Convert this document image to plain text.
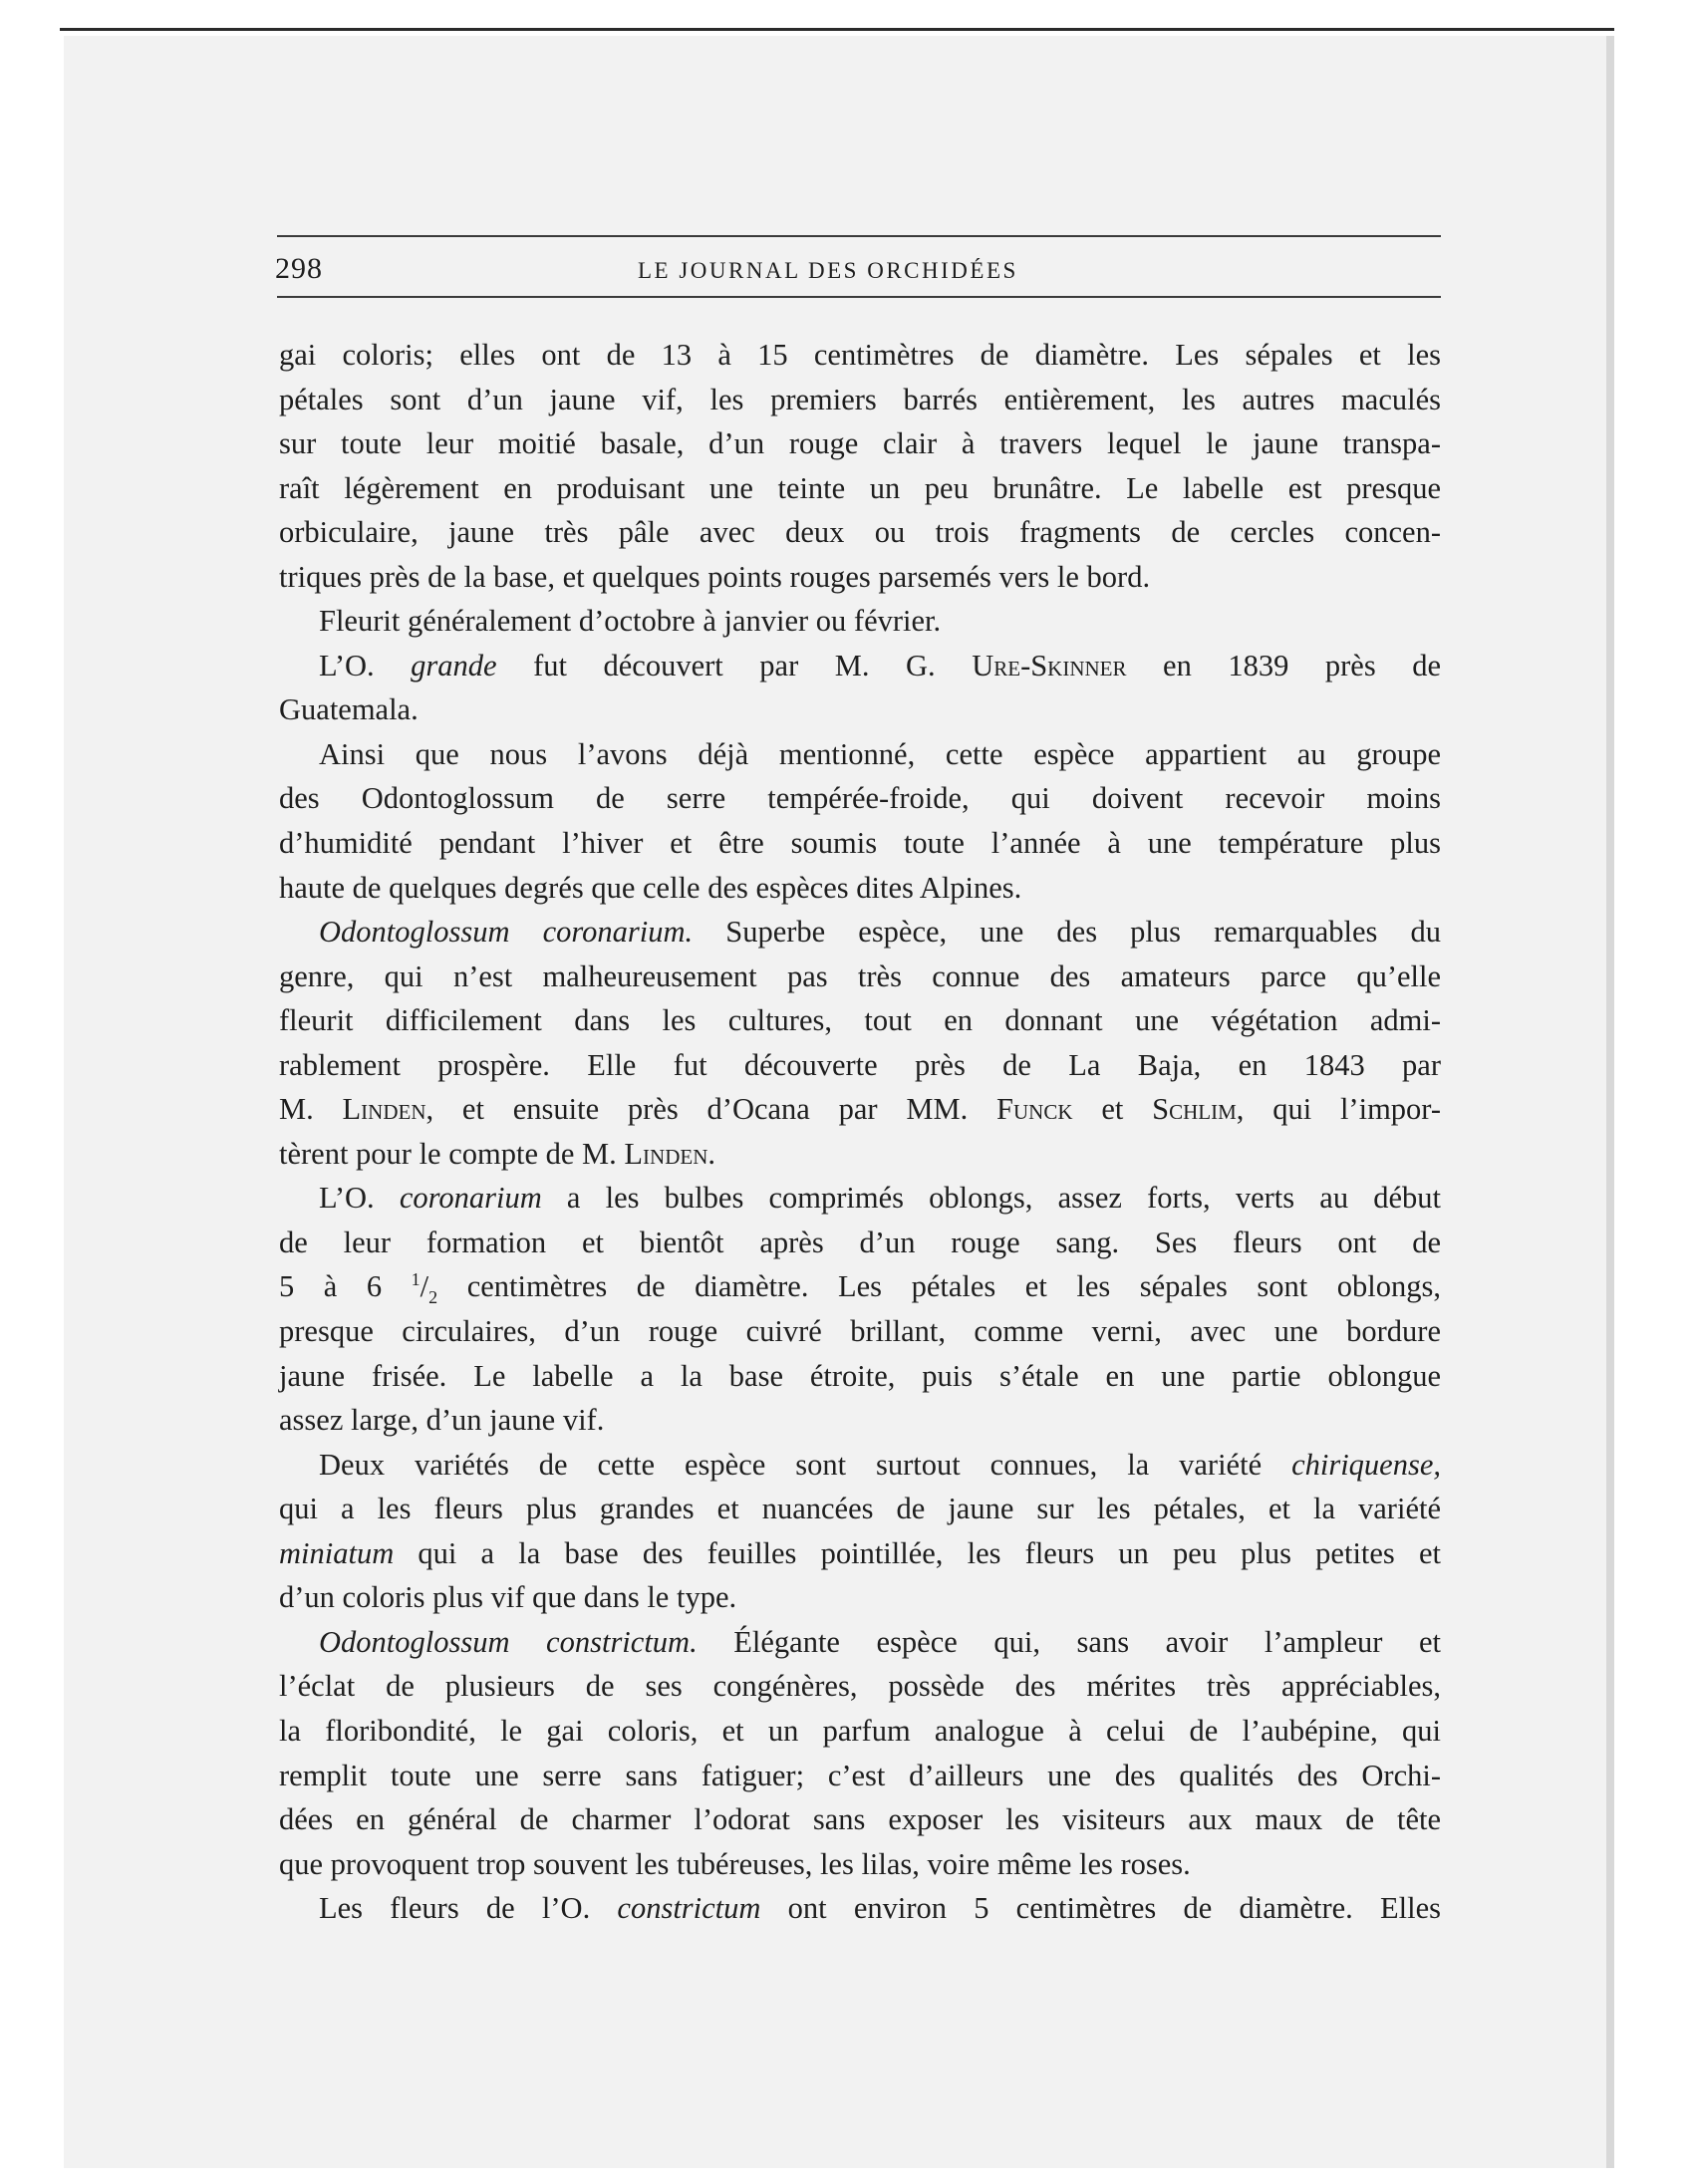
298	LE JOURNAL DES ORCHIDÉES
gai coloris; elles ont de 13 à 15 centimètres de diamètre. Les sépales et les
pétales sont d’un jaune vif, les premiers barrés entièrement, les autres maculés
sur toute leur moitié basale, d’un rouge clair à travers lequel le jaune transpa-
raît légèrement en produisant une teinte un peu brunâtre. Le labelle est presque
orbiculaire, jaune très pâle avec deux ou trois fragments de cercles concen-
triques près de la base, et quelques points rouges parsemés vers le bord.
Fleurit généralement d’octobre à janvier ou février.
L’O. grande fut découvert par M. G. Ure-Skinner en 1839 près de
Guatemala.
Ainsi que nous l’avons déjà mentionné, cette espèce appartient au groupe
des Odontoglossum de serre tempérée-froide, qui doivent recevoir moins
d’humidité pendant l’hiver et être soumis toute l’année à une température plus
haute de quelques degrés que celle des espèces dites Alpines.
Odontoglossum coronarium. Superbe espèce, une des plus remarquables du
genre, qui n’est malheureusement pas très connue des amateurs parce qu’elle
fleurit difficilement dans les cultures, tout en donnant une végétation admi-
rablement prospère. Elle fut découverte près de La Baja, en 1843 par
M. Linden, et ensuite près d’Ocana par MM. Funck et Schlim, qui l’impor-
tèrent pour le compte de M. Linden.
L’O. coronarium a les bulbes comprimés oblongs, assez forts, verts au début
de leur formation et bientôt après d’un rouge sang. Ses fleurs ont de
5 à 6 $^1/_2$ centimètres de diamètre. Les pétales et les sépales sont oblongs,
presque circulaires, d’un rouge cuivré brillant, comme verni, avec une bordure
jaune frisée. Le labelle a la base étroite, puis s’étale en une partie oblongue
assez large, d’un jaune vif.
Deux variétés de cette espèce sont surtout connues, la variété chiriquense,
qui a les fleurs plus grandes et nuancées de jaune sur les pétales, et la variété
miniatum qui a la base des feuilles pointillée, les fleurs un peu plus petites et
d’un coloris plus vif que dans le type.
Odontoglossum constrictum. Élégante espèce qui, sans avoir l’ampleur et
l’éclat de plusieurs de ses congénères, possède des mérites très appréciables,
la floribondité, le gai coloris, et un parfum analogue à celui de l’aubépine, qui
remplit toute une serre sans fatiguer; c’est d’ailleurs une des qualités des Orchi-
dées en général de charmer l’odorat sans exposer les visiteurs aux maux de tête
que provoquent trop souvent les tubéreuses, les lilas, voire même les roses.
Les fleurs de l’O. constrictum ont environ 5 centimètres de diamètre. Elles
